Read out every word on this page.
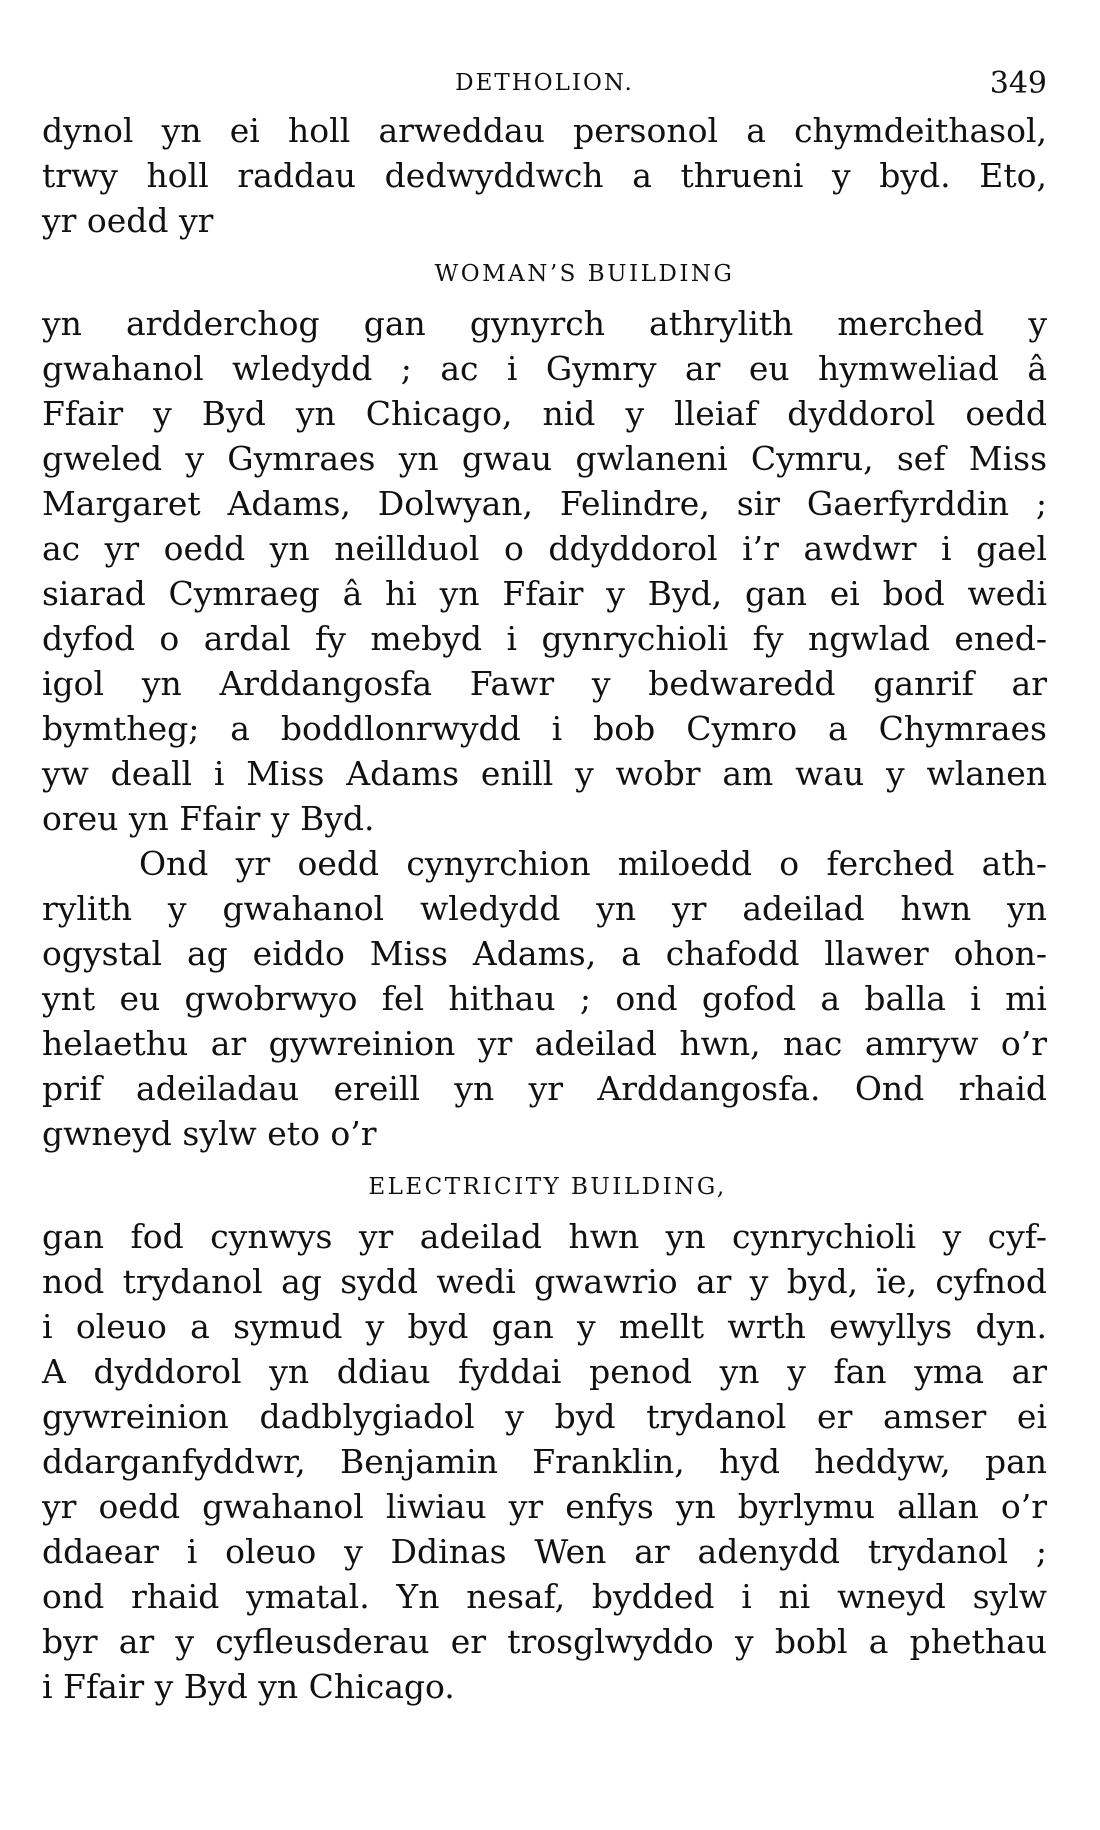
DETHOLION.	349

dynol yn ei holl arweddau personol a chymdeithasol,
trwy holl raddau dedwyddwch a thrueni y byd. Eto,
yr oedd yr

WOMAN’S BUILDING

yn ardderchog gan gynyrch athrylith merched y
gwahanol wledydd ; ac i Gymry ar eu hymweliad â
Ffair y Byd yn Chicago, nid y lleiaf dyddorol oedd
gweled y Gymraes yn gwau gwlaneni Cymru, sef Miss
Margaret Adams, Dolwyan, Felindre, sir Gaerfyrddin ;
ac yr oedd yn neillduol o ddyddorol i’r awdwr i gael
siarad Cymraeg â hi yn Ffair y Byd, gan ei bod wedi
dyfod o ardal fy mebyd i gynrychioli fy ngwlad ened-
igol yn Arddangosfa Fawr y bedwaredd ganrif ar
bymtheg; a boddlonrwydd i bob Cymro a Chymraes
yw deall i Miss Adams enill y wobr am wau y wlanen
oreu yn Ffair y Byd.

Ond yr oedd cynyrchion miloedd o ferched ath-
rylith y gwahanol wledydd yn yr adeilad hwn yn
ogystal ag eiddo Miss Adams, a chafodd llawer ohon-
ynt eu gwobrwyo fel hithau ; ond gofod a balla i mi
helaethu ar gywreinion yr adeilad hwn, nac amryw o’r
prif adeiladau ereill yn yr Arddangosfa. Ond rhaid
gwneyd sylw eto o’r

ELECTRICITY BUILDING,

gan fod cynwys yr adeilad hwn yn cynrychioli y cyf-
nod trydanol ag sydd wedi gwawrio ar y byd, ïe, cyfnod
i oleuo a symud y byd gan y mellt wrth ewyllys dyn.
A dyddorol yn ddiau fyddai penod yn y fan yma ar
gywreinion dadblygiadol y byd trydanol er amser ei
ddarganfyddwr, Benjamin Franklin, hyd heddyw, pan
yr oedd gwahanol liwiau yr enfys yn byrlymu allan o’r
ddaear i oleuo y Ddinas Wen ar adenydd trydanol ;
ond rhaid ymatal. Yn nesaf, bydded i ni wneyd sylw
byr ar y cyfleusderau er trosglwyddo y bobl a phethau
i Ffair y Byd yn Chicago.
